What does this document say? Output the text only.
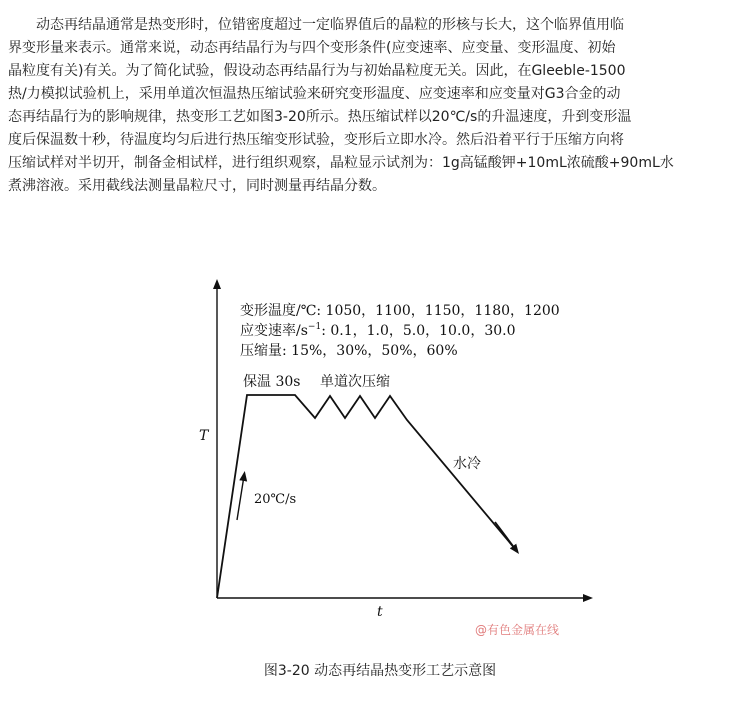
动态再结晶通常是热变形时，位错密度超过一定临界值后的晶粒的形核与长大，这个临界值用临
界变形量来表示。通常来说，动态再结晶行为与四个变形条件(应变速率、应变量、变形温度、初始
晶粒度有关)有关。为了简化试验，假设动态再结晶行为与初始晶粒度无关。因此，在Gleeble-1500
热/力模拟试验机上，采用单道次恒温热压缩试验来研究变形温度、应变速率和应变量对G3合金的动
态再结晶行为的影响规律，热变形工艺如图3-20所示。热压缩试样以20℃/s的升温速度，升到变形温
度后保温数十秒，待温度均匀后进行热压缩变形试验，变形后立即水冷。然后沿着平行于压缩方向将
压缩试样对半切开，制备金相试样，进行组织观察，晶粒显示试剂为：1g高锰酸钾+10mL浓硫酸+90mL水
煮沸溶液。采用截线法测量晶粒尺寸，同时测量再结晶分数。
T
t
变形温度/℃: 1050，1100，1150，1180，1200
应变速率$/s^{-1}$: 0.1，1.0，5.0，10.0，30.0
压缩量: 15%，30%，50%，60%
保温 30s 单道次压缩
水冷
20℃/s
@有色金属在线
图3-20 动态再结晶热变形工艺示意图
